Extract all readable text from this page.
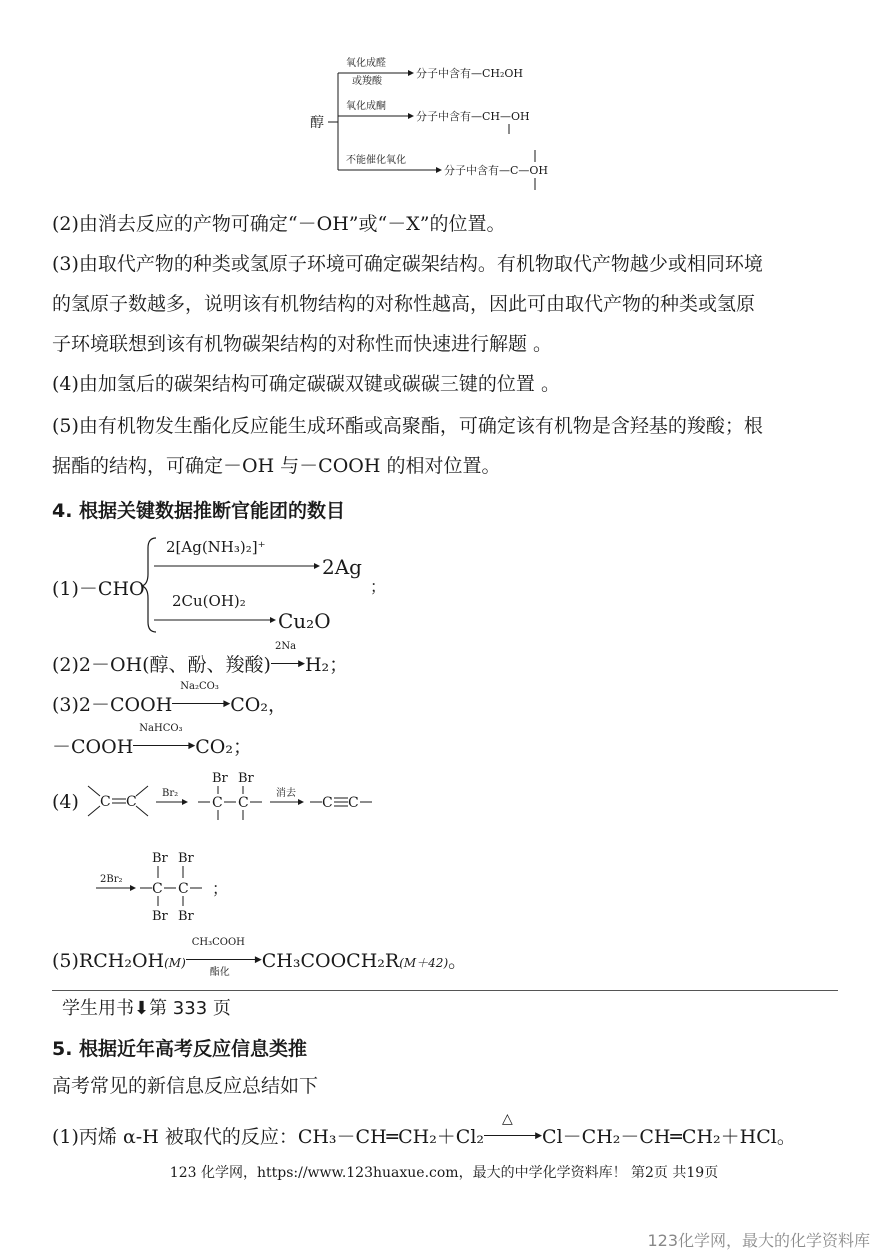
醇
氧化成醛
或羧酸
分子中含有—CH₂OH
氧化成酮
分子中含有—CH—OH
不能催化氧化
分子中含有—C—OH
(2)由消去反应的产物可确定“－OH”或“－X”的位置。
(3)由取代产物的种类或氢原子环境可确定碳架结构。有机物取代产物越少或相同环境
的氢原子数越多，说明该有机物结构的对称性越高，因此可由取代产物的种类或氢原
子环境联想到该有机物碳架结构的对称性而快速进行解题 。
(4)由加氢后的碳架结构可确定碳碳双键或碳碳三键的位置 。
(5)由有机物发生酯化反应能生成环酯或高聚酯，可确定该有机物是含羟基的羧酸；根
据酯的结构，可确定－OH 与－COOH 的相对位置。
4. 根据关键数据推断官能团的数目
(1)－CHO
2[Ag(NH₃)₂]⁺
2Ag
2Cu(OH)₂
Cu₂O
；
(2)2－OH(醇、酚、羧酸)
2Na
▶ H₂；
(3)2－COOH
Na₂CO₃
▶ CO₂，
－COOH
NaHCO₃
▶ CO₂；
(4) C C
Br₂
Br Br
C C
消去
C C
2Br₂
Br Br
C C
Br Br
；
(5)RCH₂OH(M)
CH₃COOH
▶
酯化
CH₃COOCH₂R(M＋42)。
学生用书⬇第 333 页
5. 根据近年高考反应信息类推
高考常见的新信息反应总结如下
(1)丙烯 α-H 被取代的反应：CH₃－CH═CH₂＋Cl₂
△
▶ Cl－CH₂－CH═CH₂＋HCl。
123 化学网，https://www.123huaxue.com，最大的中学化学资料库！ 第2页 共19页
123化学网，最大的化学资料库
